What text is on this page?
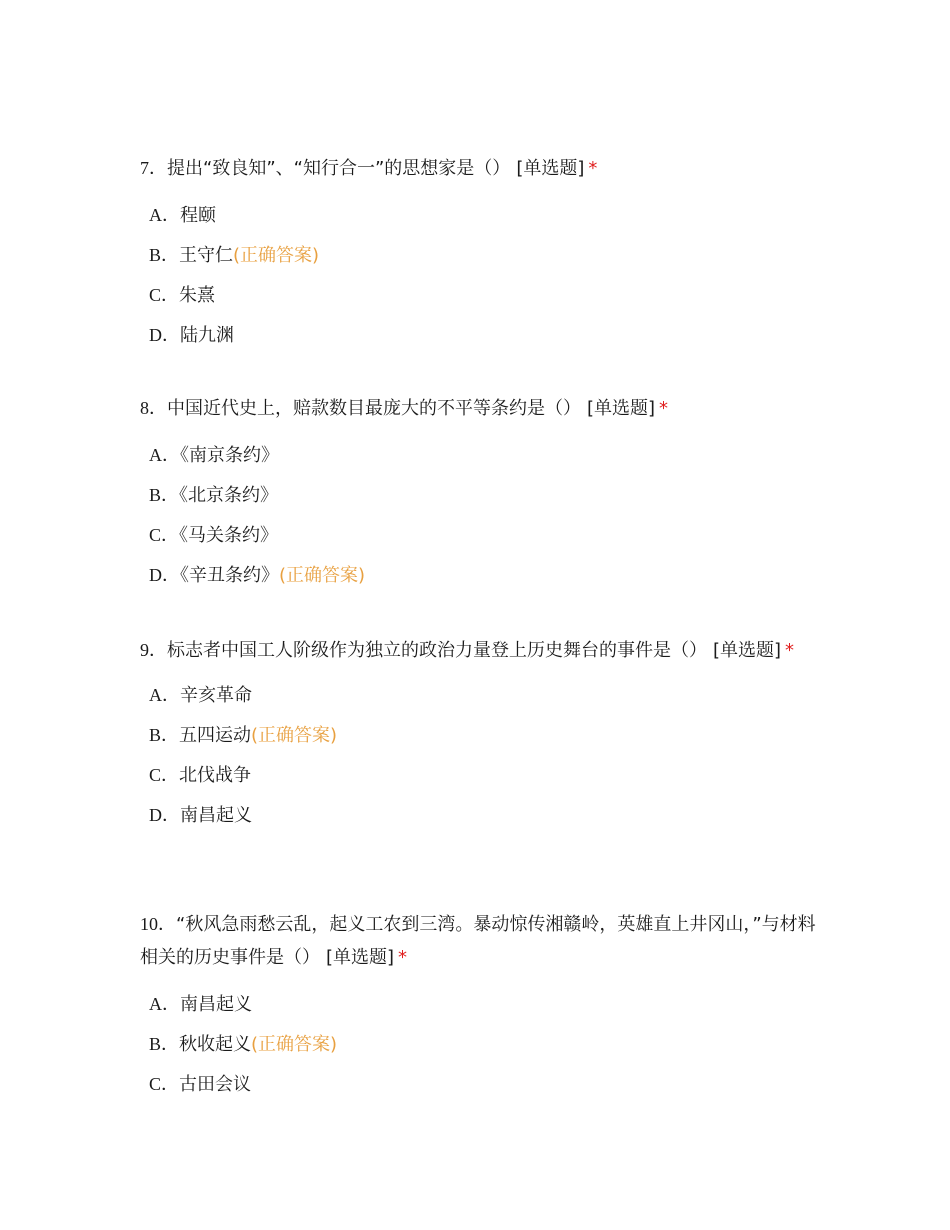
7．提出“致良知”、“知行合一”的思想家是（） [单选题] *

A．程颐
B．王守仁(正确答案)
C．朱熹
D．陆九渊

8．中国近代史上，赔款数目最庞大的不平等条约是（） [单选题] *

A．《南京条约》
B．《北京条约》
C．《马关条约》
D．《辛丑条约》(正确答案)

9．标志者中国工人阶级作为独立的政治力量登上历史舞台的事件是（） [单选题] *

A．辛亥革命
B．五四运动(正确答案)
C．北伐战争
D．南昌起义

10．“秋风急雨愁云乱，起义工农到三湾。暴动惊传湘赣岭，英雄直上井冈山，”与材料相关的历史事件是（） [单选题] *

A．南昌起义
B．秋收起义(正确答案)
C．古田会议
